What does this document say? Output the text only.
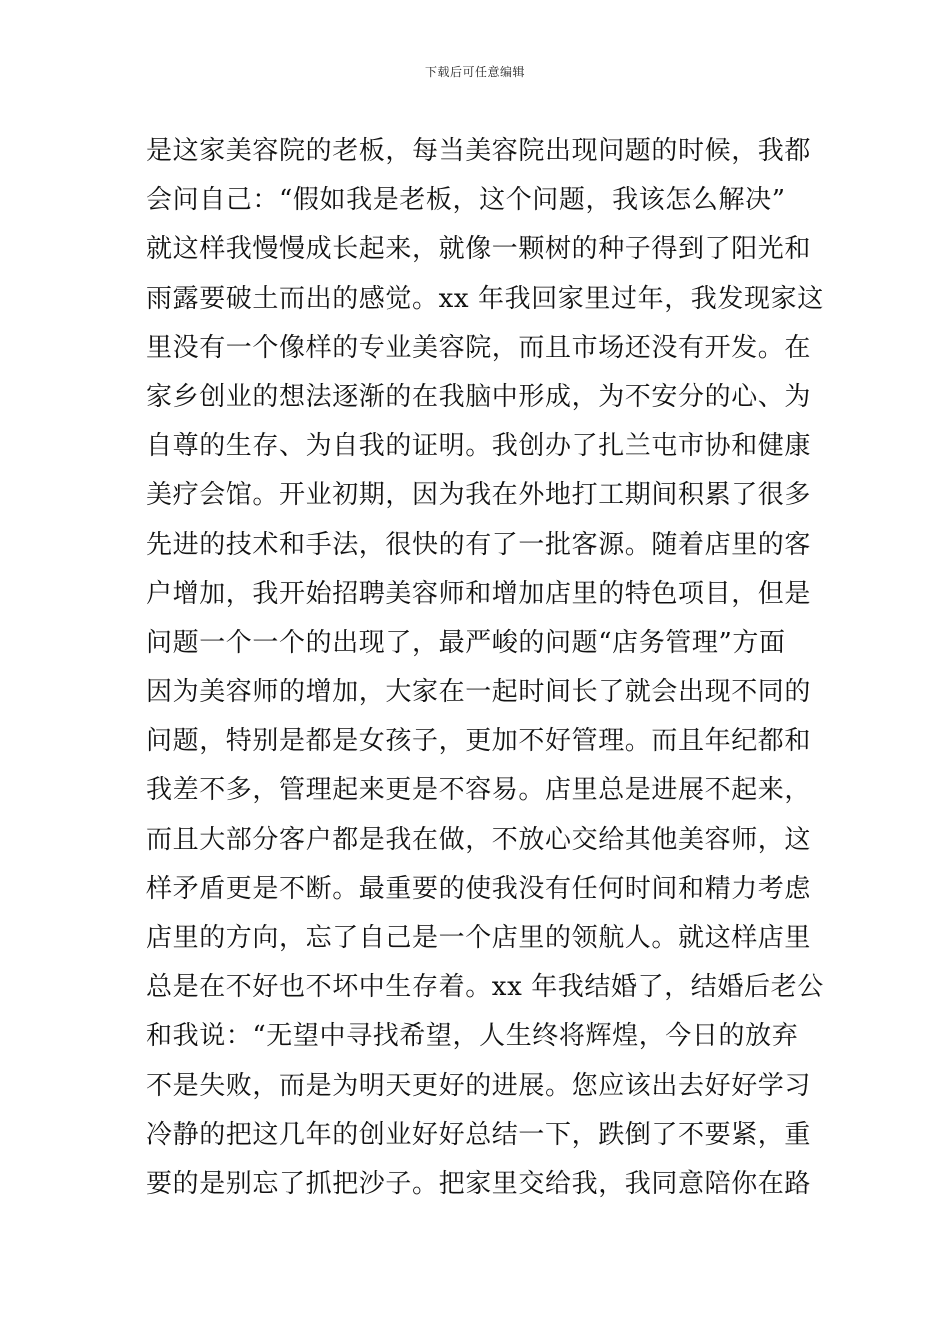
下载后可任意编辑
是这家美容院的老板，每当美容院出现问题的时候，我都
会问自己：“假如我是老板，这个问题，我该怎么解决”
就这样我慢慢成长起来，就像一颗树的种子得到了阳光和
雨露要破土而出的感觉。xx 年我回家里过年，我发现家这
里没有一个像样的专业美容院，而且市场还没有开发。在
家乡创业的想法逐渐的在我脑中形成，为不安分的心、为
自尊的生存、为自我的证明。我创办了扎兰屯市协和健康
美疗会馆。开业初期，因为我在外地打工期间积累了很多
先进的技术和手法，很快的有了一批客源。随着店里的客
户增加，我开始招聘美容师和增加店里的特色项目，但是
问题一个一个的出现了，最严峻的问题“店务管理”方面
因为美容师的增加，大家在一起时间长了就会出现不同的
问题，特别是都是女孩子，更加不好管理。而且年纪都和
我差不多，管理起来更是不容易。店里总是进展不起来，
而且大部分客户都是我在做，不放心交给其他美容师，这
样矛盾更是不断。最重要的使我没有任何时间和精力考虑
店里的方向，忘了自己是一个店里的领航人。就这样店里
总是在不好也不坏中生存着。xx 年我结婚了，结婚后老公
和我说：“无望中寻找希望，人生终将辉煌，今日的放弃
不是失败，而是为明天更好的进展。您应该出去好好学习
冷静的把这几年的创业好好总结一下，跌倒了不要紧，重
要的是别忘了抓把沙子。把家里交给我，我同意陪你在路
